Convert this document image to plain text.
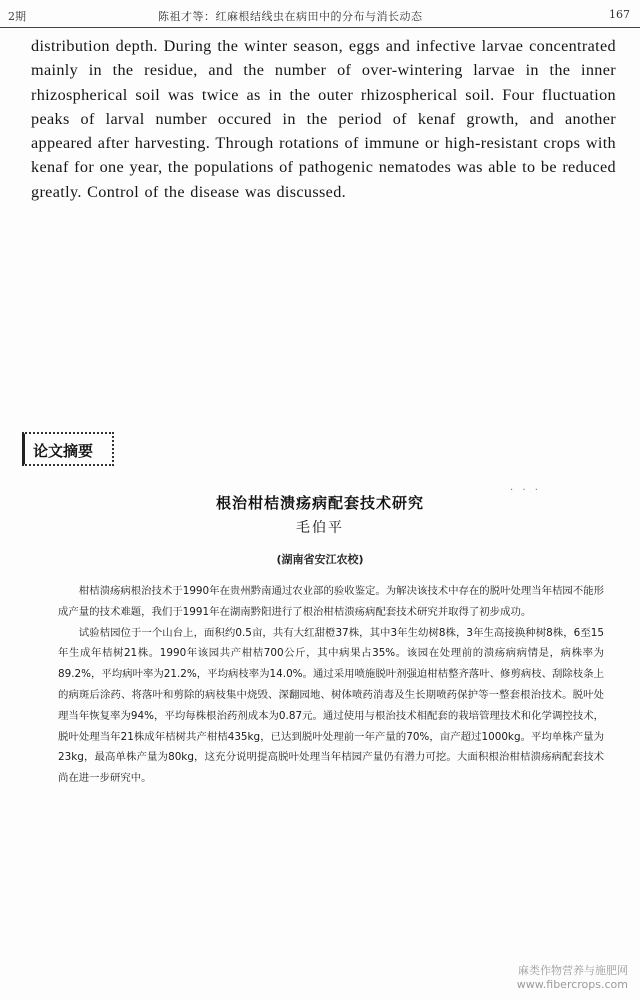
2期	陈祖才等：红麻根结线虫在病田中的分布与消长动态	167

distribution depth. During the winter season, eggs and infective larvae concentrated mainly in the residue, and the number of over-wintering larvae in the inner rhizospherical soil was twice as in the outer rhizospherical soil. Four fluctuation peaks of larval number occured in the period of kenaf growth, and another appeared after harvesting. Through rotations of immune or high-resistant crops with kenaf for one year, the populations of pathogenic nematodes was able to be reduced greatly. Control of the disease was discussed.

论文摘要
· · ·
根治柑桔溃疡病配套技术研究
毛伯平
(湖南省安江农校)

柑桔溃疡病根治技术于1990年在贵州黔南通过农业部的验收鉴定。为解决该技术中存在的脱叶处理当年桔园不能形成产量的技术难题，我们于1991年在湖南黔阳进行了根治柑桔溃疡病配套技术研究并取得了初步成功。

试验桔园位于一个山台上，面积约0.5亩，共有大红甜橙37株，其中3年生幼树8株，3年生高接换种树8株，6至15年生成年桔树21株。1990年该园共产柑桔700公斤，其中病果占35%。该园在处理前的溃疡病病情是，病株率为89.2%，平均病叶率为21.2%，平均病枝率为14.0%。通过采用喷施脱叶剂强迫柑桔整齐落叶、修剪病枝、刮除枝条上的病斑后涂药、将落叶和剪除的病枝集中烧毁、深翻园地、树体喷药消毒及生长期喷药保护等一整套根治技术。脱叶处理当年恢复率为94%，平均每株根治药剂成本为0.87元。通过使用与根治技术相配套的栽培管理技术和化学调控技术，脱叶处理当年21株成年桔树共产柑桔435kg，已达到脱叶处理前一年产量的70%，亩产超过1000kg。平均单株产量为23kg，最高单株产量为80kg，这充分说明提高脱叶处理当年桔园产量仍有潜力可挖。大面积根治柑桔溃疡病配套技术尚在进一步研究中。

麻类作物营养与施肥网
www.fibercrops.com
